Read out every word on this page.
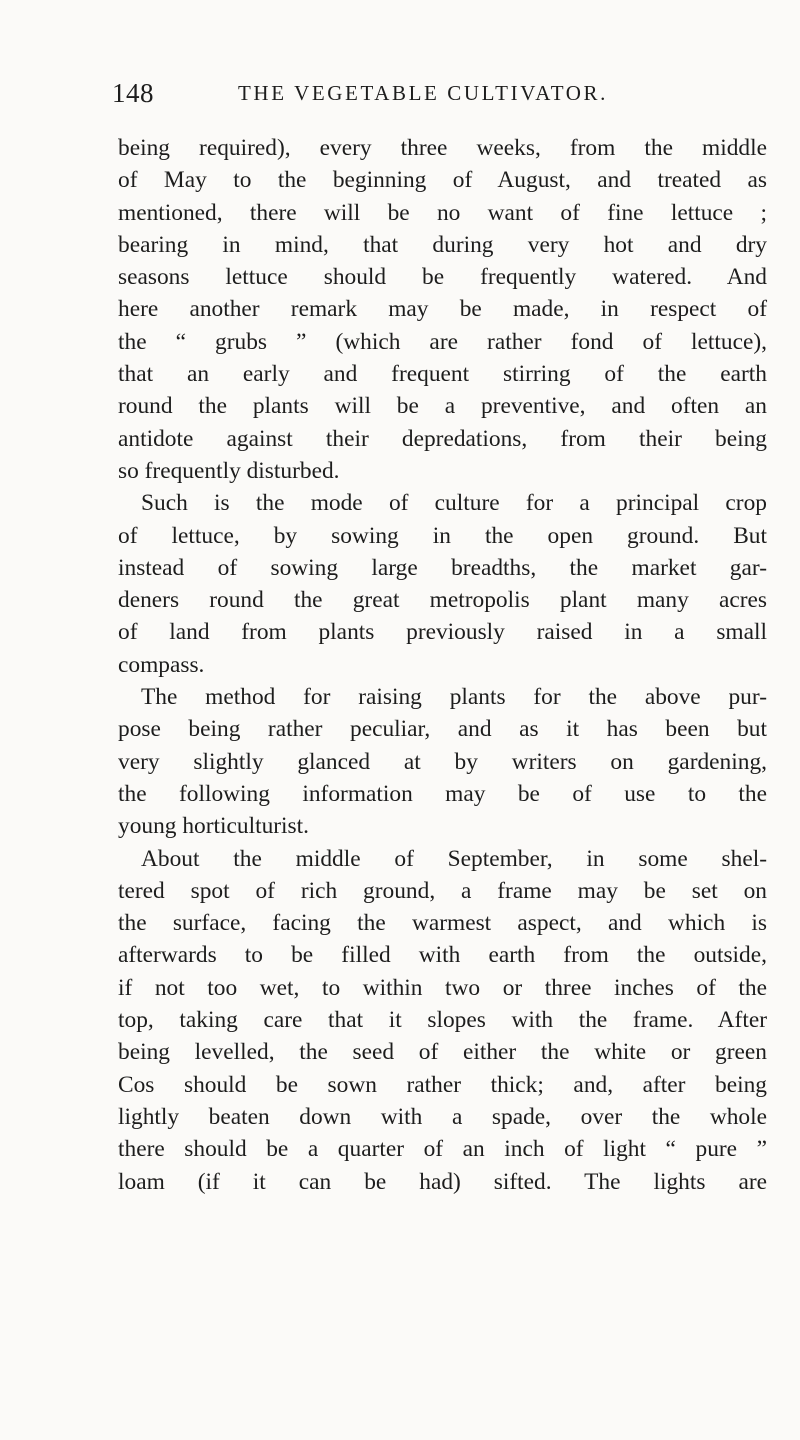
148	THE VEGETABLE CULTIVATOR.
being required), every three weeks, from the middle
of May to the beginning of August, and treated as
mentioned, there will be no want of fine lettuce ;
bearing in mind, that during very hot and dry
seasons lettuce should be frequently watered. And
here another remark may be made, in respect of
the “ grubs ” (which are rather fond of lettuce),
that an early and frequent stirring of the earth
round the plants will be a preventive, and often an
antidote against their depredations, from their being
so frequently disturbed.
Such is the mode of culture for a principal crop
of lettuce, by sowing in the open ground. But
instead of sowing large breadths, the market gar-
deners round the great metropolis plant many acres
of land from plants previously raised in a small
compass.
The method for raising plants for the above pur-
pose being rather peculiar, and as it has been but
very slightly glanced at by writers on gardening,
the following information may be of use to the
young horticulturist.
About the middle of September, in some shel-
tered spot of rich ground, a frame may be set on
the surface, facing the warmest aspect, and which is
afterwards to be filled with earth from the outside,
if not too wet, to within two or three inches of the
top, taking care that it slopes with the frame. After
being levelled, the seed of either the white or green
Cos should be sown rather thick; and, after being
lightly beaten down with a spade, over the whole
there should be a quarter of an inch of light “ pure ”
loam (if it can be had) sifted. The lights are
